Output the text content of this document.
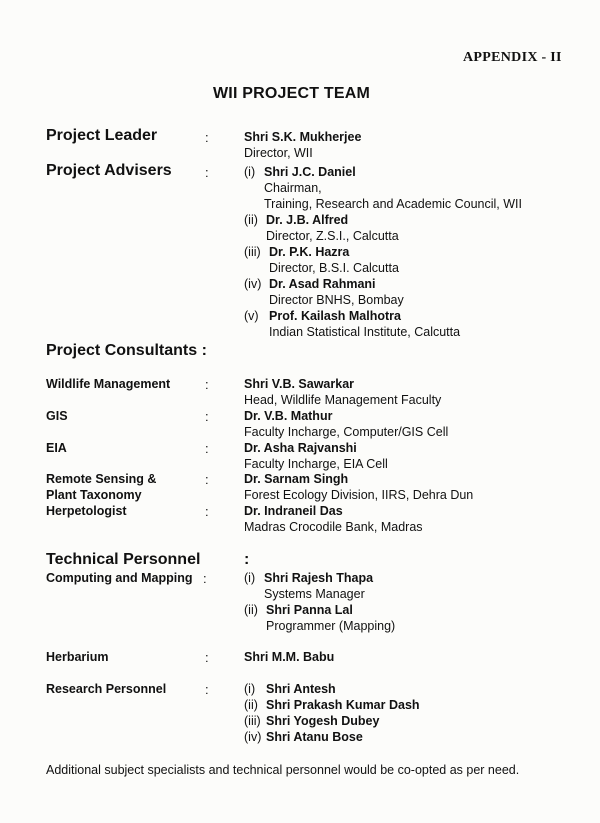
APPENDIX - II
WII PROJECT TEAM
Project Leader	:	Shri S.K. Mukherjee
Director, WII
Project Advisers	:	(i) Shri J.C. Daniel
Chairman,
Training, Research and Academic Council, WII
(ii) Dr. J.B. Alfred
Director, Z.S.I., Calcutta
(iii) Dr. P.K. Hazra
Director, B.S.I. Calcutta
(iv) Dr. Asad Rahmani
Director BNHS, Bombay
(v) Prof. Kailash Malhotra
Indian Statistical Institute, Calcutta
Project Consultants :
Wildlife Management	:	Shri V.B. Sawarkar
Head, Wildlife Management Faculty
GIS	:	Dr. V.B. Mathur
Faculty Incharge, Computer/GIS Cell
EIA	:	Dr. Asha Rajvanshi
Faculty Incharge, EIA Cell
Remote Sensing &
Plant Taxonomy
:	Dr. Sarnam Singh
Forest Ecology Division, IIRS, Dehra Dun
Herpetologist	:	Dr. Indraneil Das
Madras Crocodile Bank, Madras
Technical Personnel	:
Computing and Mapping :	(i) Shri Rajesh Thapa
Systems Manager
(ii) Shri Panna Lal
Programmer (Mapping)
Herbarium	:	Shri M.M. Babu
Research Personnel	:	(i) Shri Antesh
(ii) Shri Prakash Kumar Dash
(iii) Shri Yogesh Dubey
(iv) Shri Atanu Bose
Additional subject specialists and technical personnel would be co-opted as per need.
